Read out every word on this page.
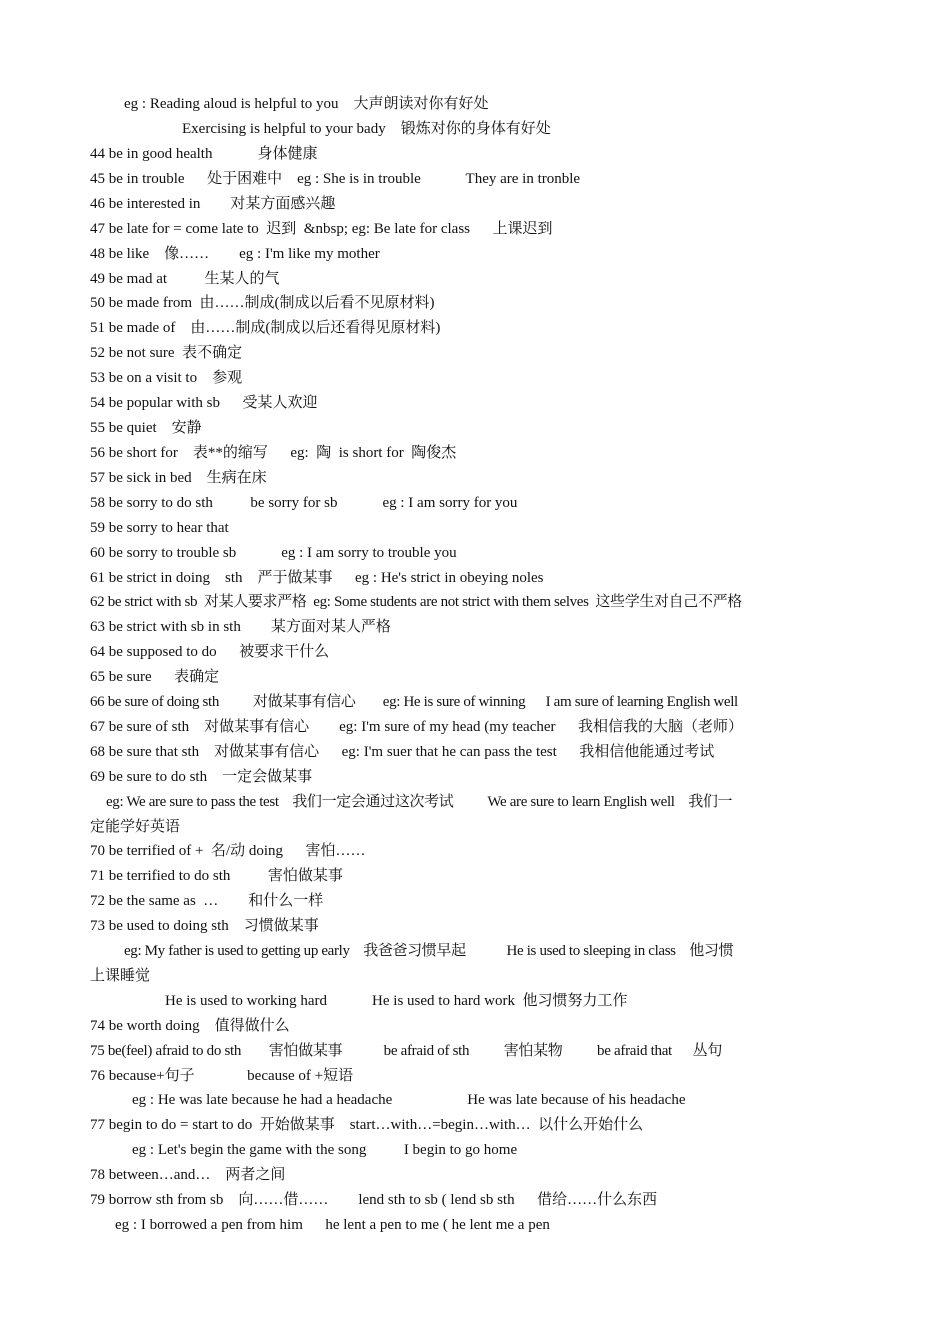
eg : Reading aloud is helpful to you    大声朗读对你有好处
Exercising is helpful to your bady    锻炼对你的身体有好处
44 be in good health            身体健康
45 be in trouble      处于困难中    eg : She is in trouble            They are in tronble
46 be interested in        对某方面感兴趣
47 be late for = come late to  迟到  &nbsp; eg: Be late for class      上课迟到
48 be like    像……        eg : I'm like my mother
49 be mad at          生某人的气
50 be made from  由……制成(制成以后看不见原材料)
51 be made of    由……制成(制成以后还看得见原材料)
52 be not sure  表不确定
53 be on a visit to    参观
54 be popular with sb      受某人欢迎
55 be quiet    安静
56 be short for    表**的缩写      eg:  陶  is short for  陶俊杰
57 be sick in bed    生病在床
58 be sorry to do sth          be sorry for sb            eg : I am sorry for you
59 be sorry to hear that
60 be sorry to trouble sb            eg : I am sorry to trouble you
61 be strict in doing    sth    严于做某事      eg : He's strict in obeying noles
62 be strict with sb  对某人要求严格  eg: Some students are not strict with them selves  这些学生对自己不严格
63 be strict with sb in sth        某方面对某人严格
64 be supposed to do      被要求干什么
65 be sure      表确定
66 be sure of doing sth          对做某事有信心        eg: He is sure of winning      I am sure of learning English well
67 be sure of sth    对做某事有信心        eg: I'm sure of my head (my teacher      我相信我的大脑（老师）
68 be sure that sth    对做某事有信心      eg: I'm suer that he can pass the test      我相信他能通过考试
69 be sure to do sth    一定会做某事
eg: We are sure to pass the test    我们一定会通过这次考试          We are sure to learn English well    我们一
定能学好英语
70 be terrified of +  名/动 doing      害怕……
71 be terrified to do sth          害怕做某事
72 be the same as  …        和什么一样
73 be used to doing sth    习惯做某事
eg: My father is used to getting up early    我爸爸习惯早起            He is used to sleeping in class    他习惯
上课睡觉
He is used to working hard            He is used to hard work  他习惯努力工作
74 be worth doing    值得做什么
75 be(feel) afraid to do sth        害怕做某事            be afraid of sth          害怕某物          be afraid that      丛句
76 because+句子              because of +短语
eg : He was late because he had a headache                    He was late because of his headache
77 begin to do = start to do  开始做某事    start…with…=begin…with…  以什么开始什么
eg : Let's begin the game with the song          I begin to go home
78 between…and…    两者之间
79 borrow sth from sb    向……借……        lend sth to sb ( lend sb sth      借给……什么东西
eg : I borrowed a pen from him      he lent a pen to me ( he lent me a pen
